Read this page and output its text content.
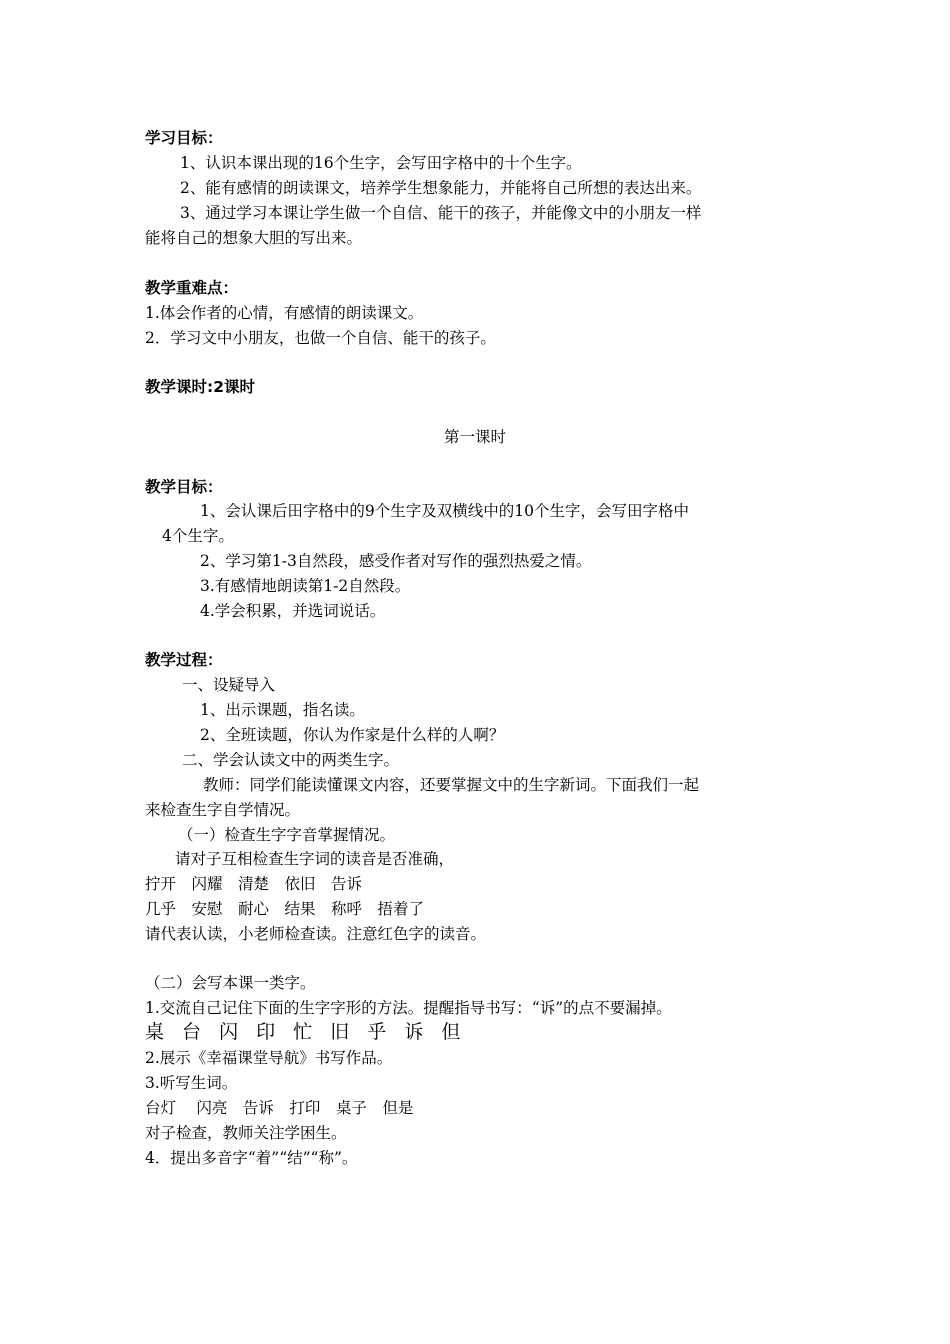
学习目标：
1、认识本课出现的16个生字，会写田字格中的十个生字。
2、能有感情的朗读课文，培养学生想象能力，并能将自己所想的表达出来。
3、通过学习本课让学生做一个自信、能干的孩子，并能像文中的小朋友一样
能将自己的想象大胆的写出来。
教学重难点：
1.体会作者的心情，有感情的朗读课文。
2．学习文中小朋友，也做一个自信、能干的孩子。
教学课时:2课时
第一课时
教学目标：
1、会认课后田字格中的9个生字及双横线中的10个生字，会写田字格中
4个生字。
2、学习第1-3自然段，感受作者对写作的强烈热爱之情。
3.有感情地朗读第1-2自然段。
4.学会积累，并选词说话。
教学过程：
一、设疑导入
1、出示课题，指名读。
2、全班读题，你认为作家是什么样的人啊？
二、学会认读文中的两类生字。
教师：同学们能读懂课文内容，还要掌握文中的生字新词。下面我们一起
来检查生字自学情况。
（一）检查生字字音掌握情况。
请对子互相检查生字词的读音是否准确，
拧开　闪耀　清楚　依旧　告诉
几乎　安慰　耐心　结果　称呼　捂着了
请代表认读，小老师检查读。注意红色字的读音。
（二）会写本课一类字。
1.交流自己记住下面的生字字形的方法。提醒指导书写：“诉”的点不要漏掉。
桌 台 闪 印 忙 旧 乎 诉 但
2.展示《幸福课堂导航》书写作品。
3.听写生词。
台灯　 闪亮　告诉　打印　桌子　但是
对子检查，教师关注学困生。
4．提出多音字“着”“结”“称”。
